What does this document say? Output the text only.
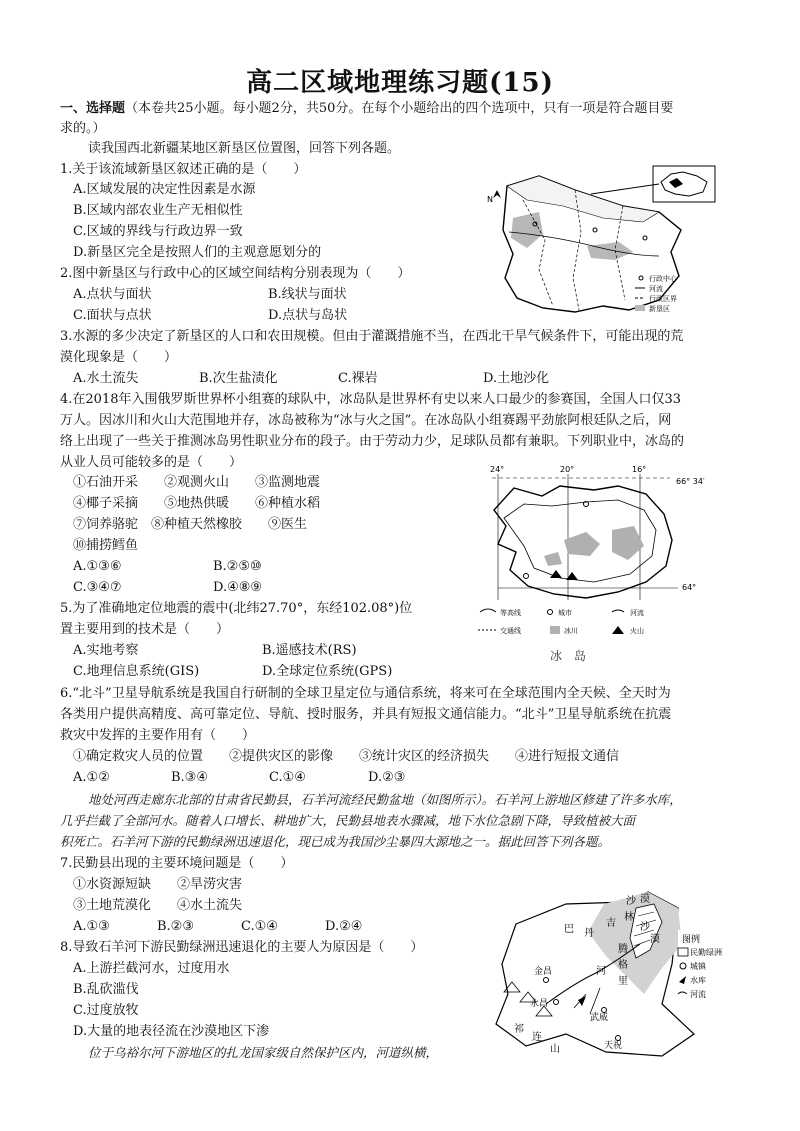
高二区域地理练习题(15)
一、选择题（本卷共25小题。每小题2分，共50分。在每个小题给出的四个选项中，只有一项是符合题目要
求的。）
读我国西北新疆某地区新垦区位置图，回答下列各题。
1.关于该流域新垦区叙述正确的是（　　）
A.区域发展的决定性因素是水源
B.区域内部农业生产无相似性
C.区域的界线与行政边界一致
D.新垦区完全是按照人们的主观意愿划分的
2.图中新垦区与行政中心的区域空间结构分别表现为（　　）
A.点状与面状	B.线状与面状
C.面状与点状	D.点状与岛状
3.水源的多少决定了新垦区的人口和农田规模。但由于灌溉措施不当，在西北干旱气候条件下，可能出现的荒
漠化现象是（　　）
A.水土流失	B.次生盐渍化	C.裸岩	D.土地沙化
4.在2018年入围俄罗斯世界杯小组赛的球队中，冰岛队是世界杯有史以来人口最少的参赛国，全国人口仅33
万人。因冰川和火山大范围地并存，冰岛被称为“冰与火之国”。在冰岛队小组赛踢平劲旅阿根廷队之后，网
络上出现了一些关于推测冰岛男性职业分布的段子。由于劳动力少，足球队员都有兼职。下列职业中，冰岛的
从业人员可能较多的是（　　）
①石油开采　　②观测火山　　③监测地震
④椰子采摘　　⑤地热供暖　　⑥种植水稻
⑦饲养骆驼　⑧种植天然橡胶　　⑨医生
⑩捕捞鳕鱼
A.①③⑥	B.②⑤⑩
C.③④⑦	D.④⑧⑨
5.为了准确地定位地震的震中(北纬27.70°，东经102.08°)位
置主要用到的技术是（　　）
A.实地考察	B.遥感技术(RS)
C.地理信息系统(GIS)	D.全球定位系统(GPS)
6.“北斗”卫星导航系统是我国自行研制的全球卫星定位与通信系统，将来可在全球范围内全天候、全天时为
各类用户提供高精度、高可靠定位、导航、授时服务，并具有短报文通信能力。“北斗”卫星导航系统在抗震
救灾中发挥的主要作用有（　　）
①确定救灾人员的位置　　②提供灾区的影像　　③统计灾区的经济损失　　④进行短报文通信
A.①②	B.③④	C.①④	D.②③
地处河西走廊东北部的甘肃省民勤县，石羊河流经民勤盆地（如图所示）。石羊河上游地区修建了许多水库，
几乎拦截了全部河水。随着人口增长、耕地扩大，民勤县地表水骤减，地下水位急剧下降，导致植被大面
积死亡。石羊河下游的民勤绿洲迅速退化，现已成为我国沙尘暴四大源地之一。据此回答下列各题。
7.民勤县出现的主要环境问题是（　　）
①水资源短缺　　②旱涝灾害
③土地荒漠化　　④水土流失
A.①③	B.②③	C.①④	D.②④
8.导致石羊河下游民勤绿洲迅速退化的主要人为原因是（　　）
A.上游拦截河水，过度用水
B.乱砍滥伐
C.过度放牧
D.大量的地表径流在沙漠地区下渗
位于乌裕尔河下游地区的扎龙国家级自然保护区内，河道纵横，
N
行政中心
河流
行政区界
新垦区
24°	20°	16°
66° 34′
64°
等高线	城市	河流
交通线	冰川	火山
冰　岛
沙 漠
林
吉
丹
巴	沙
漠
腾
格
里
河
金昌
永昌
武威
天祝
祁
连
山
图例
民勤绿洲
城镇
水库
河流
